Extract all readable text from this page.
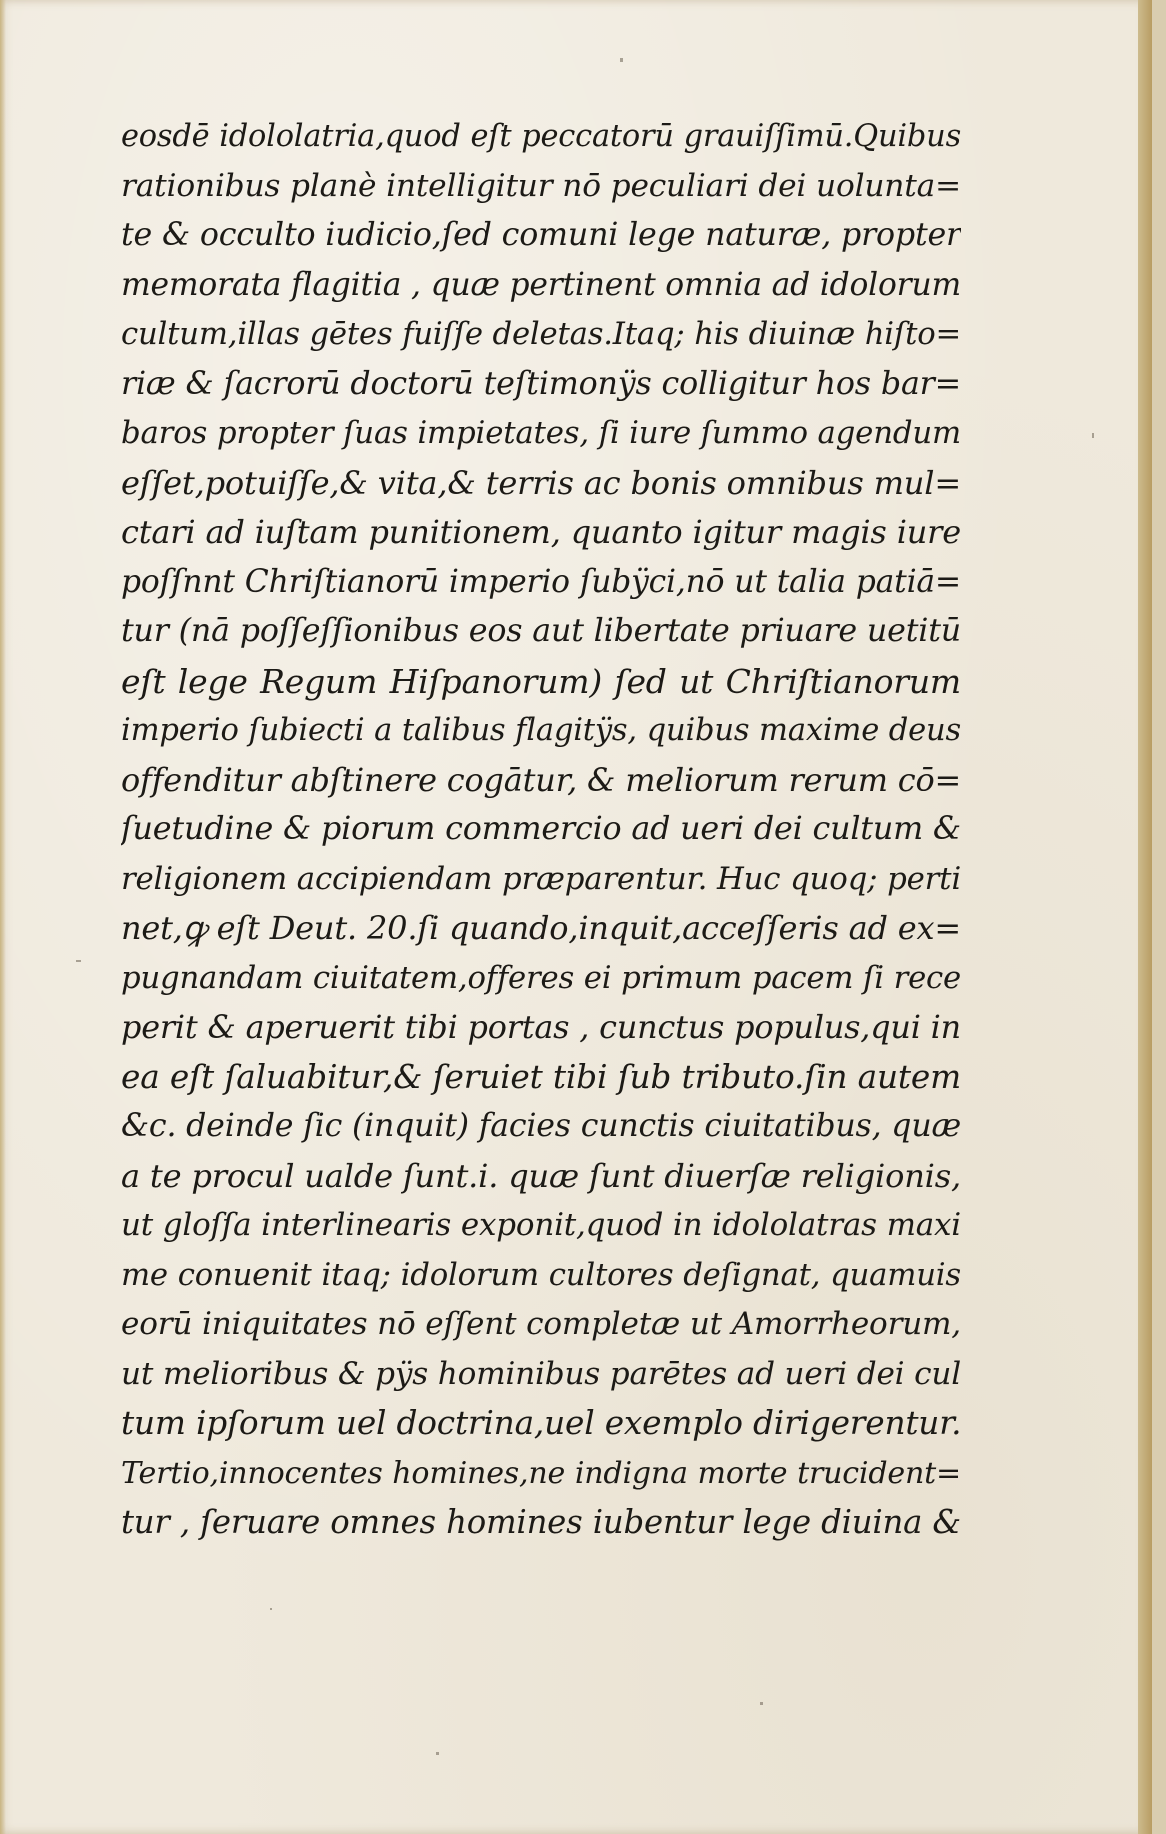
eosdē idololatria,quod eſt peccatorū grauiſſimū.Quibus
rationibus planè intelligitur nō peculiari dei uolunta=
te & occulto iudicio,ſed comuni lege naturæ, propter
memorata flagitia , quæ pertinent omnia ad idolorum
cultum,illas gētes fuiſſe deletas.Itaq; his diuinæ hiſto=
riæ & ſacrorū doctorū teſtimonÿs colligitur hos bar=
baros propter ſuas impietates, ſi iure ſummo agendum
eſſet,potuiſſe,& vita,& terris ac bonis omnibus mul=
ctari ad iuſtam punitionem, quanto igitur magis iure
poſſnnt Chriſtianorū imperio ſubÿci,nō ut talia patiā=
tur (nā poſſeſſionibus eos aut libertate priuare uetitū
eſt lege Regum Hiſpanorum) ſed ut Chriſtianorum
imperio ſubiecti a talibus flagitÿs, quibus maxime deus
offenditur abſtinere cogātur, & meliorum rerum cō=
ſuetudine & piorum commercio ad ueri dei cultum &
religionem accipiendam præparentur. Huc quoq; perti
net,ꝙ eſt Deut. 20.ſi quando,inquit,acceſſeris ad ex=
pugnandam ciuitatem,offeres ei primum pacem ſi rece
perit & aperuerit tibi portas , cunctus populus,qui in
ea eſt ſaluabitur,& ſeruiet tibi ſub tributo.ſin autem
&c. deinde ſic (inquit) facies cunctis ciuitatibus, quæ
a te procul ualde ſunt.i. quæ ſunt diuerſæ religionis,
ut gloſſa interlinearis exponit,quod in idololatras maxi
me conuenit itaq; idolorum cultores deſignat, quamuis
eorū iniquitates nō eſſent completæ ut Amorrheorum,
ut melioribus & pÿs hominibus parētes ad ueri dei cul
tum ipſorum uel doctrina,uel exemplo dirigerentur.
Tertio,innocentes homines,ne indigna morte trucident=
tur , ſeruare omnes homines iubentur lege diuina &
